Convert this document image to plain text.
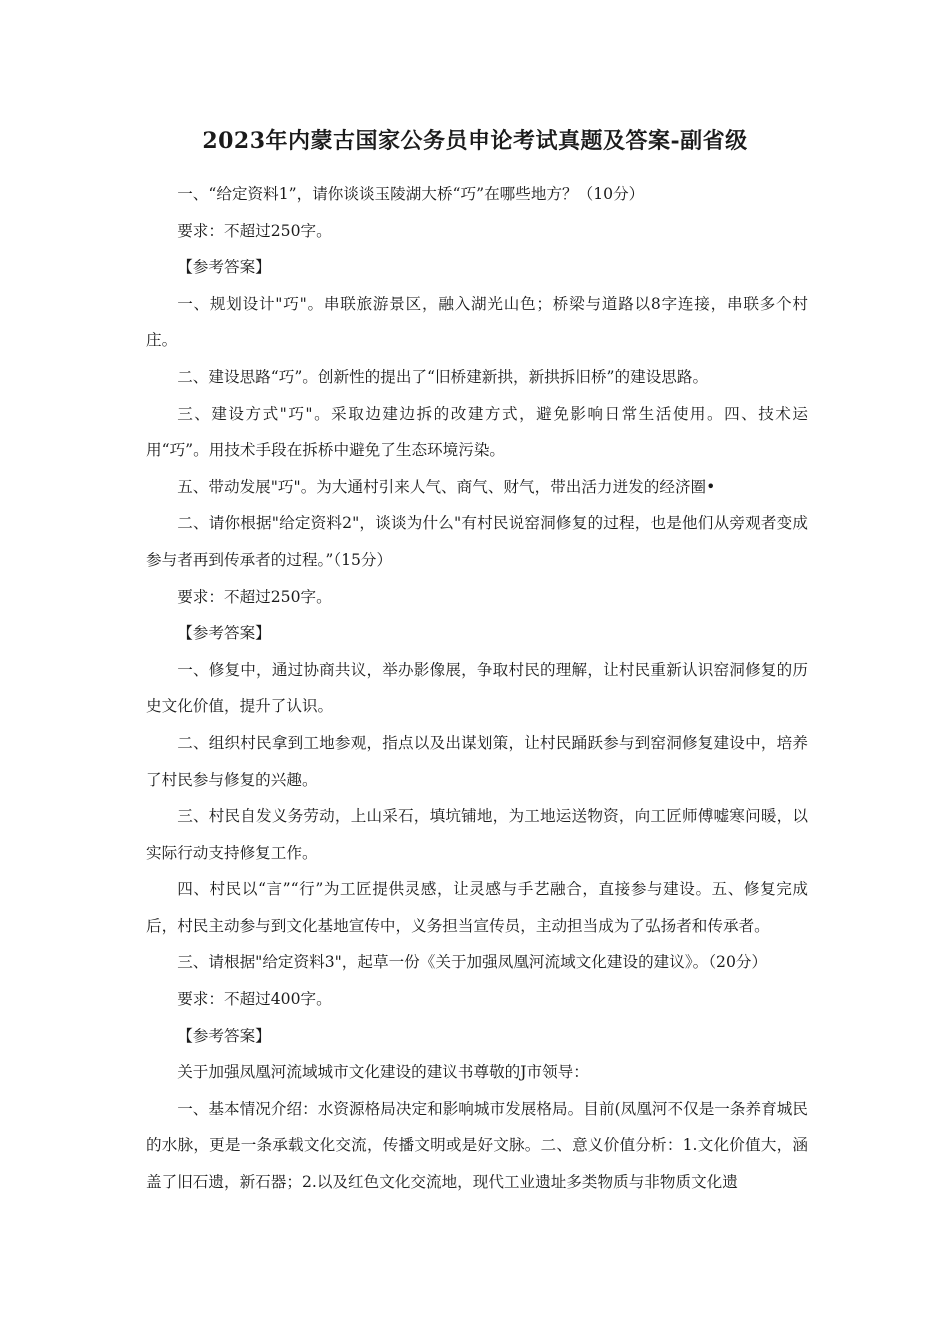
2023年内蒙古国家公务员申论考试真题及答案-副省级

一、“给定资料1”，请你谈谈玉陵湖大桥“巧”在哪些地方？（10分）

要求：不超过250字。

【参考答案】

一、规划设计"巧"。串联旅游景区，融入湖光山色；桥梁与道路以8字连接，串联多个村庄。

二、建设思路“巧”。创新性的提出了“旧桥建新拱，新拱拆旧桥”的建设思路。

三、建设方式"巧"。采取边建边拆的改建方式，避免影响日常生活使用。四、技术运用“巧”。用技术手段在拆桥中避免了生态环境污染。

五、带动发展"巧"。为大通村引来人气、商气、财气，带出活力迸发的经济圈•

二、请你根据"给定资料2"，谈谈为什么"有村民说窑洞修复的过程，也是他们从旁观者变成参与者再到传承者的过程。”（15分）

要求：不超过250字。

【参考答案】

一、修复中，通过协商共议，举办影像展，争取村民的理解，让村民重新认识窑洞修复的历史文化价值，提升了认识。

二、组织村民拿到工地参观，指点以及出谋划策，让村民踊跃参与到窑洞修复建设中，培养了村民参与修复的兴趣。

三、村民自发义务劳动，上山采石，填坑铺地，为工地运送物资，向工匠师傅嘘寒问暖，以实际行动支持修复工作。

四、村民以“言”“行”为工匠提供灵感，让灵感与手艺融合，直接参与建设。五、修复完成后，村民主动参与到文化基地宣传中，义务担当宣传员，主动担当成为了弘扬者和传承者。

三、请根据"给定资料3"，起草一份《关于加强凤凰河流域文化建设的建议》。（20分）

要求：不超过400字。

【参考答案】

关于加强凤凰河流域城市文化建设的建议书尊敬的J市领导：

一、基本情况介绍：水资源格局决定和影响城市发展格局。目前(凤凰河不仅是一条养育城民的水脉，更是一条承载文化交流，传播文明或是好文脉。二、意义价值分析：1.文化价值大，涵盖了旧石遗，新石器；2.以及红色文化交流地，现代工业遗址多类物质与非物质文化遗
